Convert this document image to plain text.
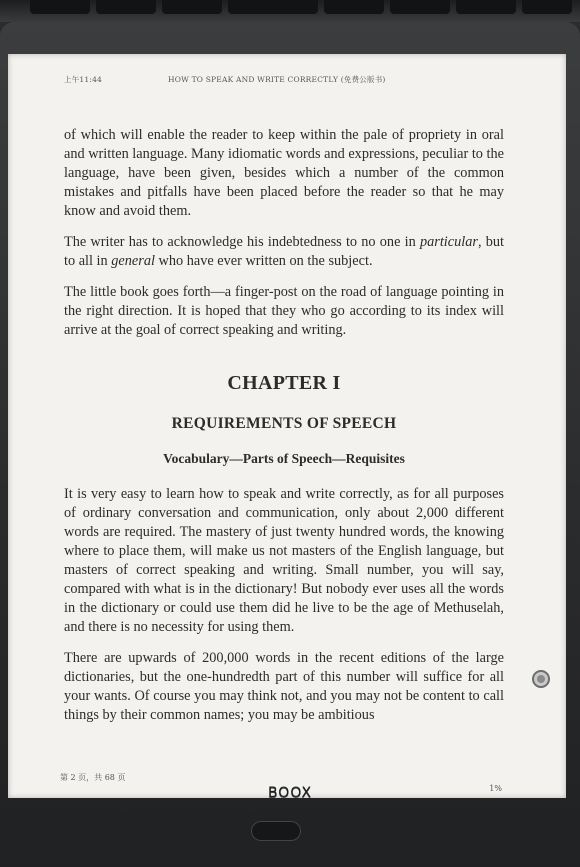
上午11:44	HOW TO SPEAK AND WRITE CORRECTLY (免费公版书)

of which will enable the reader to keep within the pale of propriety in oral and written language. Many idiomatic words and expressions, peculiar to the language, have been given, besides which a number of the common mistakes and pitfalls have been placed before the reader so that he may know and avoid them.

The writer has to acknowledge his indebtedness to no one in particular, but to all in general who have ever written on the subject.

The little book goes forth—a finger-post on the road of language pointing in the right direction. It is hoped that they who go according to its index will arrive at the goal of correct speaking and writing.

CHAPTER I
REQUIREMENTS OF SPEECH
Vocabulary—Parts of Speech—Requisites

It is very easy to learn how to speak and write correctly, as for all purposes of ordinary conversation and communication, only about 2,000 different words are required. The mastery of just twenty hundred words, the knowing where to place them, will make us not masters of the English language, but masters of correct speaking and writing. Small number, you will say, compared with what is in the dictionary! But nobody ever uses all the words in the dictionary or could use them did he live to be the age of Methuselah, and there is no necessity for using them.

There are upwards of 200,000 words in the recent editions of the large dictionaries, but the one-hundredth part of this number will suffice for all your wants. Of course you may think not, and you may not be content to call things by their common names; you may be ambitious

第 2 页，共 68 页
1%
BOOX
